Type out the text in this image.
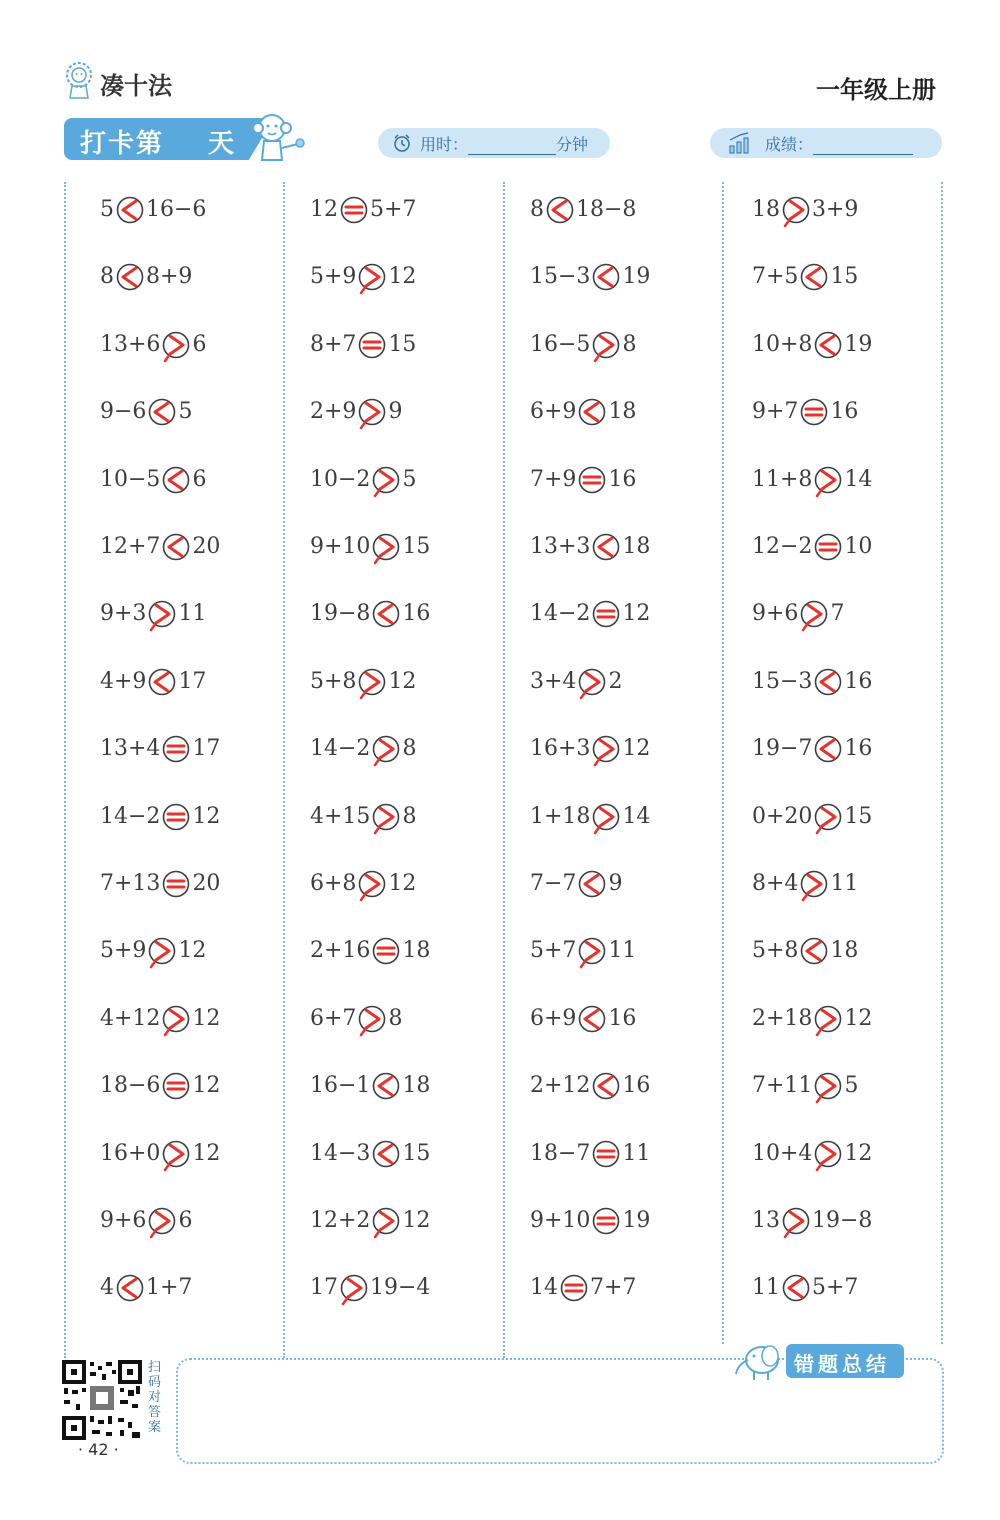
凑十法	一年级上册
打卡第 天	用时：	分钟	成绩：
5 16−6
8 8+9
13+6 6
9−6 5
10−5 6
12+7 20
9+3 11
4+9 17
13+4 17
14−2 12
7+13 20
5+9 12
4+12 12
18−6 12
16+0 12
9+6 6
4 1+7
12 5+7
5+9 12
8+7 15
2+9 9
10−2 5
9+10 15
19−8 16
5+8 12
14−2 8
4+15 8
6+8 12
2+16 18
6+7 8
16−1 18
14−3 15
12+2 12
17 19−4
8 18−8
15−3 19
16−5 8
6+9 18
7+9 16
13+3 18
14−2 12
3+4 2
16+3 12
1+18 14
7−7 9
5+7 11
6+9 16
2+12 16
18−7 11
9+10 19
14 7+7
18 3+9
7+5 15
10+8 19
9+7 16
11+8 14
12−2 10
9+6 7
15−3 16
19−7 16
0+20 15
8+4 11
5+8 18
2+18 12
7+11 5
10+4 12
13 19−8
11 5+7
错题总结
扫码对答案
· 42 ·
